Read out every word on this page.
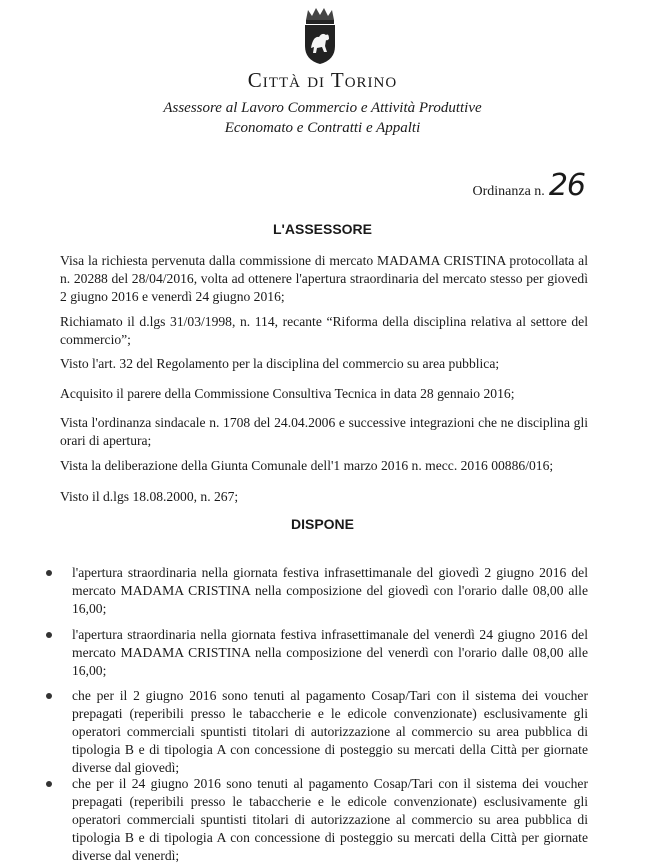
Città di Torino
Assessore al Lavoro Commercio e Attività Produttive
Economato e Contratti e Appalti
Ordinanza n. 26
L'ASSESSORE
Visa la richiesta pervenuta dalla commissione di mercato MADAMA CRISTINA protocollata al n. 20288 del 28/04/2016, volta ad ottenere l'apertura straordinaria del mercato stesso per giovedì 2 giugno 2016 e venerdì 24 giugno 2016;
Richiamato il d.lgs 31/03/1998, n. 114, recante “Riforma della disciplina relativa al settore del commercio”;
Visto l'art. 32 del Regolamento per la disciplina del commercio su area pubblica;
Acquisito il parere della Commissione Consultiva Tecnica in data 28 gennaio 2016;
Vista l'ordinanza sindacale n. 1708 del 24.04.2006 e successive integrazioni che ne disciplina gli orari di apertura;
Vista la deliberazione della Giunta Comunale dell'1 marzo 2016 n. mecc. 2016 00886/016;
Visto il d.lgs 18.08.2000, n. 267;
DISPONE
l'apertura straordinaria nella giornata festiva infrasettimanale del giovedì 2 giugno 2016 del mercato MADAMA CRISTINA nella composizione del giovedì con l'orario dalle 08,00 alle 16,00;
l'apertura straordinaria nella giornata festiva infrasettimanale del venerdì 24 giugno 2016 del mercato MADAMA CRISTINA nella composizione del venerdì con l'orario dalle 08,00 alle 16,00;
che per il 2 giugno 2016 sono tenuti al pagamento Cosap/Tari con il sistema dei voucher prepagati (reperibili presso le tabaccherie e le edicole convenzionate) esclusivamente gli operatori commerciali spuntisti titolari di autorizzazione al commercio su area pubblica di tipologia B e di tipologia A con concessione di posteggio su mercati della Città per giornate diverse dal giovedì;
che per il 24 giugno 2016 sono tenuti al pagamento Cosap/Tari con il sistema dei voucher prepagati (reperibili presso le tabaccherie e le edicole convenzionate) esclusivamente gli operatori commerciali spuntisti titolari di autorizzazione al commercio su area pubblica di tipologia B e di tipologia A con concessione di posteggio su mercati della Città per giornate diverse dal venerdì;
